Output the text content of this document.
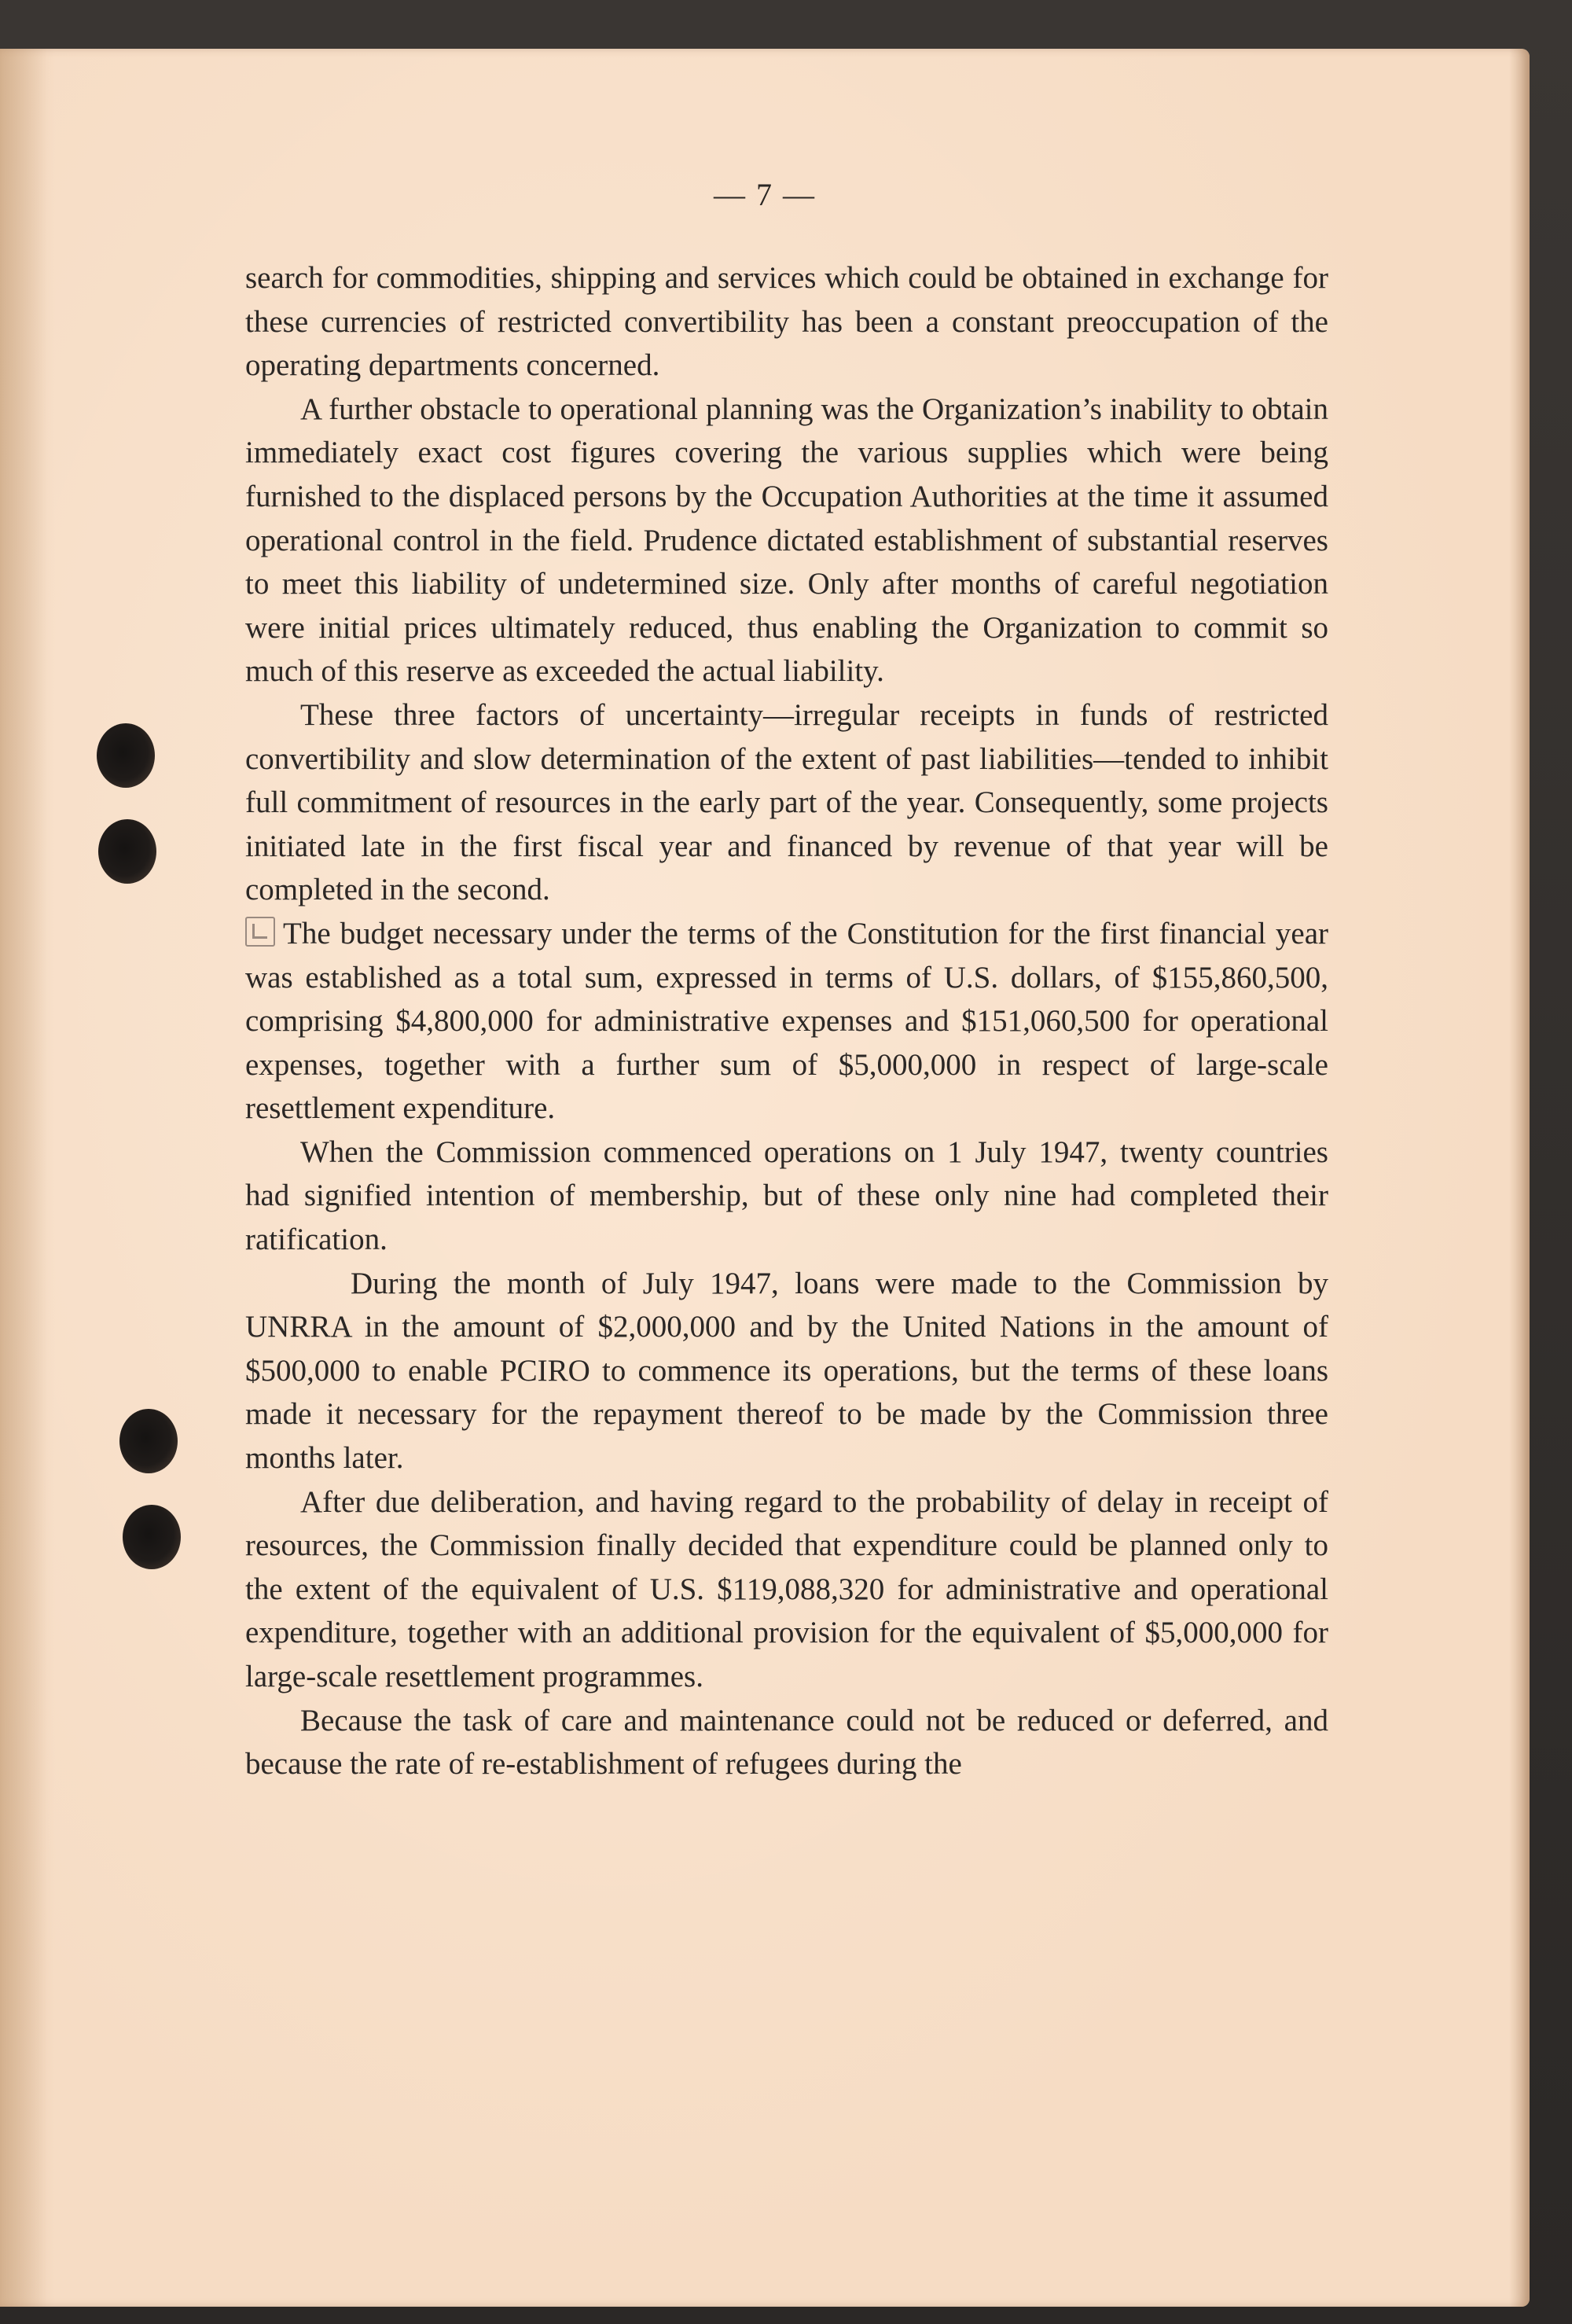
— 7 —

search for commodities, shipping and services which could be obtained in exchange for these currencies of restricted convertibility has been a constant preoccupation of the operating departments concerned.

A further obstacle to operational planning was the Organization’s inability to obtain immediately exact cost figures covering the various supplies which were being furnished to the displaced persons by the Occupation Authorities at the time it assumed operational control in the field. Prudence dictated establishment of substantial reserves to meet this liability of undetermined size. Only after months of careful negotiation were initial prices ultimately reduced, thus enabling the Organization to commit so much of this reserve as exceeded the actual liability.

These three factors of uncertainty—irregular receipts in funds of restricted convertibility and slow determination of the extent of past liabilities—tended to inhibit full commitment of resources in the early part of the year. Consequently, some projects initiated late in the first fiscal year and financed by revenue of that year will be completed in the second.

The budget necessary under the terms of the Constitution for the first financial year was established as a total sum, expressed in terms of U.S. dollars, of $155,860,500, comprising $4,800,000 for administrative expenses and $151,060,500 for operational expenses, together with a further sum of $5,000,000 in respect of large-scale resettlement expenditure.

When the Commission commenced operations on 1 July 1947, twenty countries had signified intention of membership, but of these only nine had completed their ratification.

During the month of July 1947, loans were made to the Commission by UNRRA in the amount of $2,000,000 and by the United Nations in the amount of $500,000 to enable PCIRO to commence its operations, but the terms of these loans made it necessary for the repayment thereof to be made by the Commission three months later.

After due deliberation, and having regard to the probability of delay in receipt of resources, the Commission finally decided that expenditure could be planned only to the extent of the equivalent of U.S. $119,088,320 for administrative and operational expenditure, together with an additional provision for the equivalent of $5,000,000 for large-scale resettlement programmes.

Because the task of care and maintenance could not be reduced or deferred, and because the rate of re-establishment of refugees during the
